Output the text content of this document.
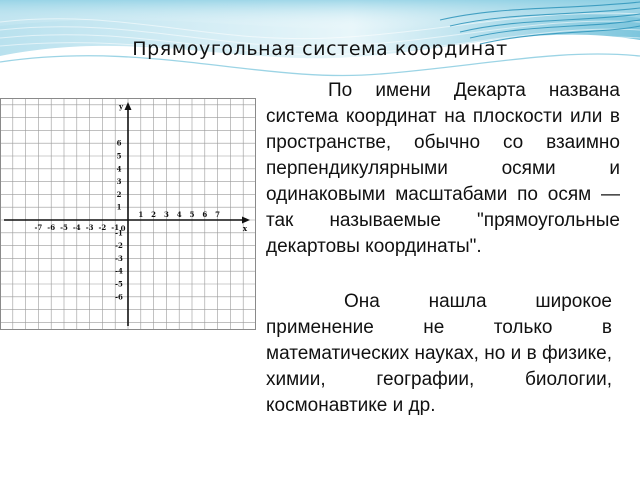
Прямоугольная система координат
-7 -6 -5 -4 -3 -2 -1
1 2 3 4 5 6 7
1
2
3
4
5
6
-1
-2
-3
-4
-5
-6
0	x
y

По имени Декарта названа система координат на плоскости или в пространстве, обычно со взаимно перпендикулярными осями и одинаковыми масштабами по осям — так называемые "прямоугольные декартовы координаты".

Она нашла широкое применение не только в математических науках, но и в физике, химии, географии, биологии, космонавтике и др.
